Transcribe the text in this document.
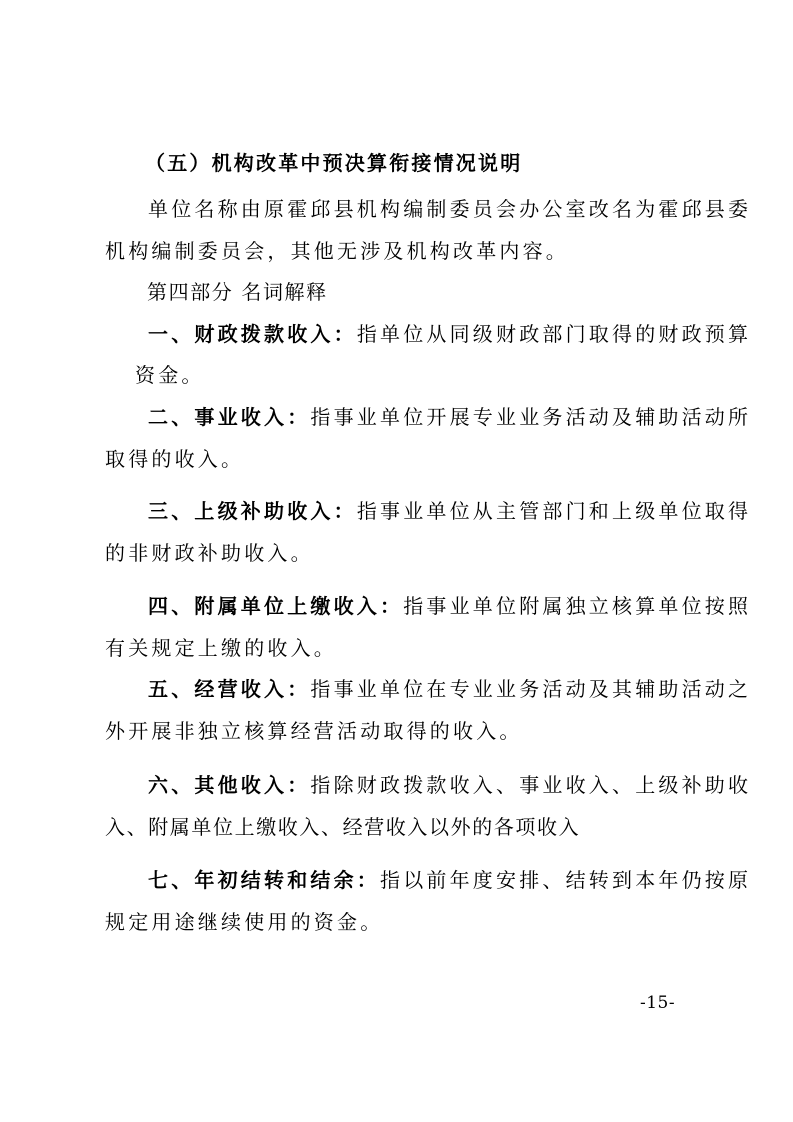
（五）机构改革中预决算衔接情况说明
单位名称由原霍邱县机构编制委员会办公室改名为霍邱县委
机构编制委员会，其他无涉及机构改革内容。
第四部分 名词解释
一、财政拨款收入：指单位从同级财政部门取得的财政预算
资金。
二、事业收入：指事业单位开展专业业务活动及辅助活动所
取得的收入。
三、上级补助收入：指事业单位从主管部门和上级单位取得
的非财政补助收入。
四、附属单位上缴收入：指事业单位附属独立核算单位按照
有关规定上缴的收入。
五、经营收入：指事业单位在专业业务活动及其辅助活动之
外开展非独立核算经营活动取得的收入。
六、其他收入：指除财政拨款收入、事业收入、上级补助收
入、附属单位上缴收入、经营收入以外的各项收入
七、年初结转和结余：指以前年度安排、结转到本年仍按原
规定用途继续使用的资金。
-15-
